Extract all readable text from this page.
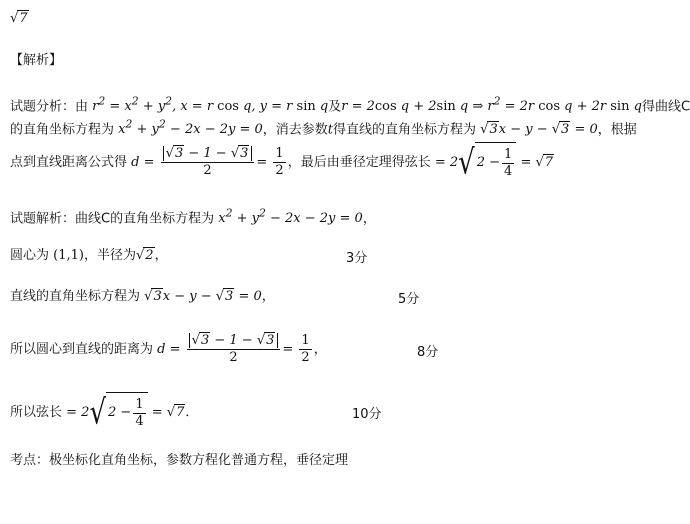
√7
【解析】
试题分析：由 $r^2 = x^2 + y^2$, x = r cos q, y = r sin q及r = 2cos q + 2sin q ⇒ $r^2 = 2r$ cos q + 2r sin q得曲线C
的直角坐标方程为 $x^2 + y^2 - 2x - 2y = 0$，消去参数t得直线的直角坐标方程为 √3x − y − √3 = 0，根据
点到直线距离公式得 $d = \frac{√3 - 1 - √3}{2} = \frac{1}{2}$ ，最后由垂径定理得弦长 = 2 √ $2 - \frac{1}{4} = √7$
试题解析：曲线C的直角坐标方程为 $x^2 + y^2 - 2x - 2y = 0$，
圆心为 (1,1)，半径为√2，	3分
直线的直角坐标方程为 √3x − y − √3 = 0，	5分
所以圆心到直线的距离为 $d = \frac{√3 - 1 - √3}{2} = \frac{1}{2}$ ，	8分
所以弦长 = 2 √ $2 - \frac{1}{4} = √7$．	10分
考点：极坐标化直角坐标，参数方程化普通方程，垂径定理
